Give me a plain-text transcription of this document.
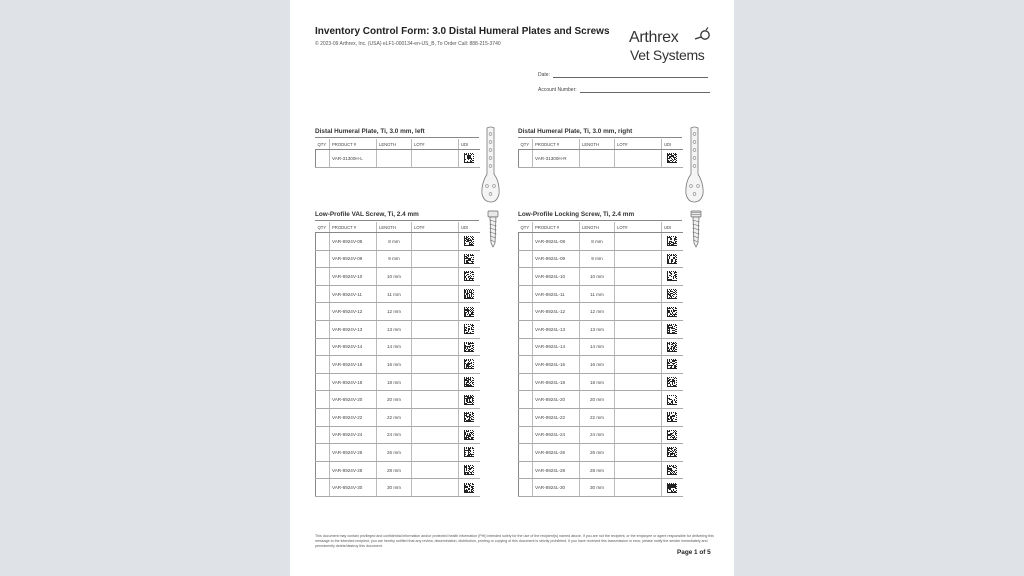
Inventory Control Form: 3.0 Distal Humeral Plates and Screws
© 2023-09 Arthrex, Inc. (USA) eLF1-000134-en-US_B, To Order Call: 888-215-3740	Arthrex
Vet Systems
Date:
Account Number:
Distal Humeral Plate, Ti, 3.0 mm, left
QTY	PRODUCT #	LENGTH	LOT#	UDI
	VAR-31300H-L			
Distal Humeral Plate, Ti, 3.0 mm, right
QTY	PRODUCT #	LENGTH	LOT#	UDI
	VAR-31300H-R			
Low-Profile VAL Screw, Ti, 2.4 mm
QTY	PRODUCT #	LENGTH	LOT#	UDI
	VAR-8924V-08	8 mm		
	VAR-8924V-09	9 mm		
	VAR-8924V-10	10 mm		
	VAR-8924V-11	11 mm		
	VAR-8924V-12	12 mm		
	VAR-8924V-13	13 mm		
	VAR-8924V-14	14 mm		
	VAR-8924V-16	16 mm		
	VAR-8924V-18	18 mm		
	VAR-8924V-20	20 mm		
	VAR-8924V-22	22 mm		
	VAR-8924V-24	24 mm		
	VAR-8924V-26	26 mm		
	VAR-8924V-28	28 mm		
	VAR-8924V-30	30 mm		
Low-Profile Locking Screw, Ti, 2.4 mm
QTY	PRODUCT #	LENGTH	LOT#	UDI
	VAR-8924L-08	8 mm		
	VAR-8924L-09	9 mm		
	VAR-8924L-10	10 mm		
	VAR-8924L-11	11 mm		
	VAR-8924L-12	12 mm		
	VAR-8924L-13	13 mm		
	VAR-8924L-14	14 mm		
	VAR-8924L-16	16 mm		
	VAR-8924L-18	18 mm		
	VAR-8924L-20	20 mm		
	VAR-8924L-22	22 mm		
	VAR-8924L-24	24 mm		
	VAR-8924L-26	26 mm		
	VAR-8924L-28	28 mm		
	VAR-8924L-30	30 mm		
This document may contain privileged and confidential information and/or protected health information (PHI) intended solely for the use of the recipient(s) named above. If you are not the recipient, or the employee or agent responsible for delivering this message to the intended recipient, you are hereby notified that any review, dissemination, distribution, printing or copying of this document is strictly prohibited. If you have received this transmission in error, please notify the sender immediately and permanently delete/destroy this document.
Page 1 of 5
